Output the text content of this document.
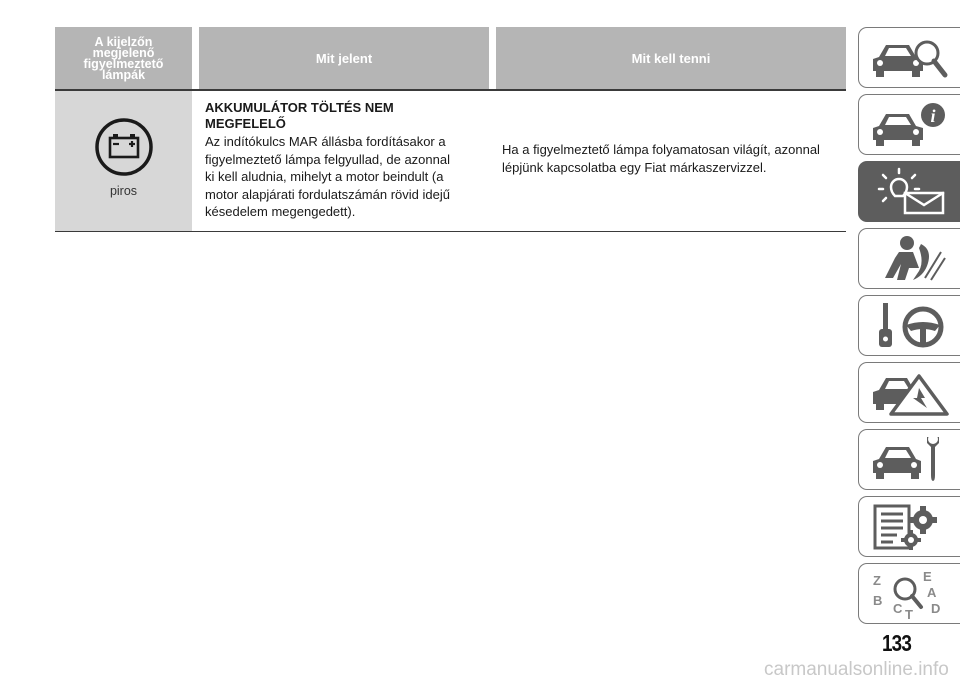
A kijelzőn
megjelenő
figyelmeztető
lámpák
Mit jelent	Mit kell tenni
piros
AKKUMULÁTOR TÖLTÉS NEM
MEGFELELŐ
Az indítókulcs MAR állásba fordításakor a
figyelmeztető lámpa felgyullad, de azonnal
ki kell aludnia, mihelyt a motor beindult (a
motor alapjárati fordulatszámán rövid idejű
késedelem megengedett).
Ha a figyelmeztető lámpa folyamatosan világít, azonnal
lépjünk kapcsolatba egy Fiat márkaszervizzel.
i
Z	E
A
B
C T D
133
carmanualsonline.info
